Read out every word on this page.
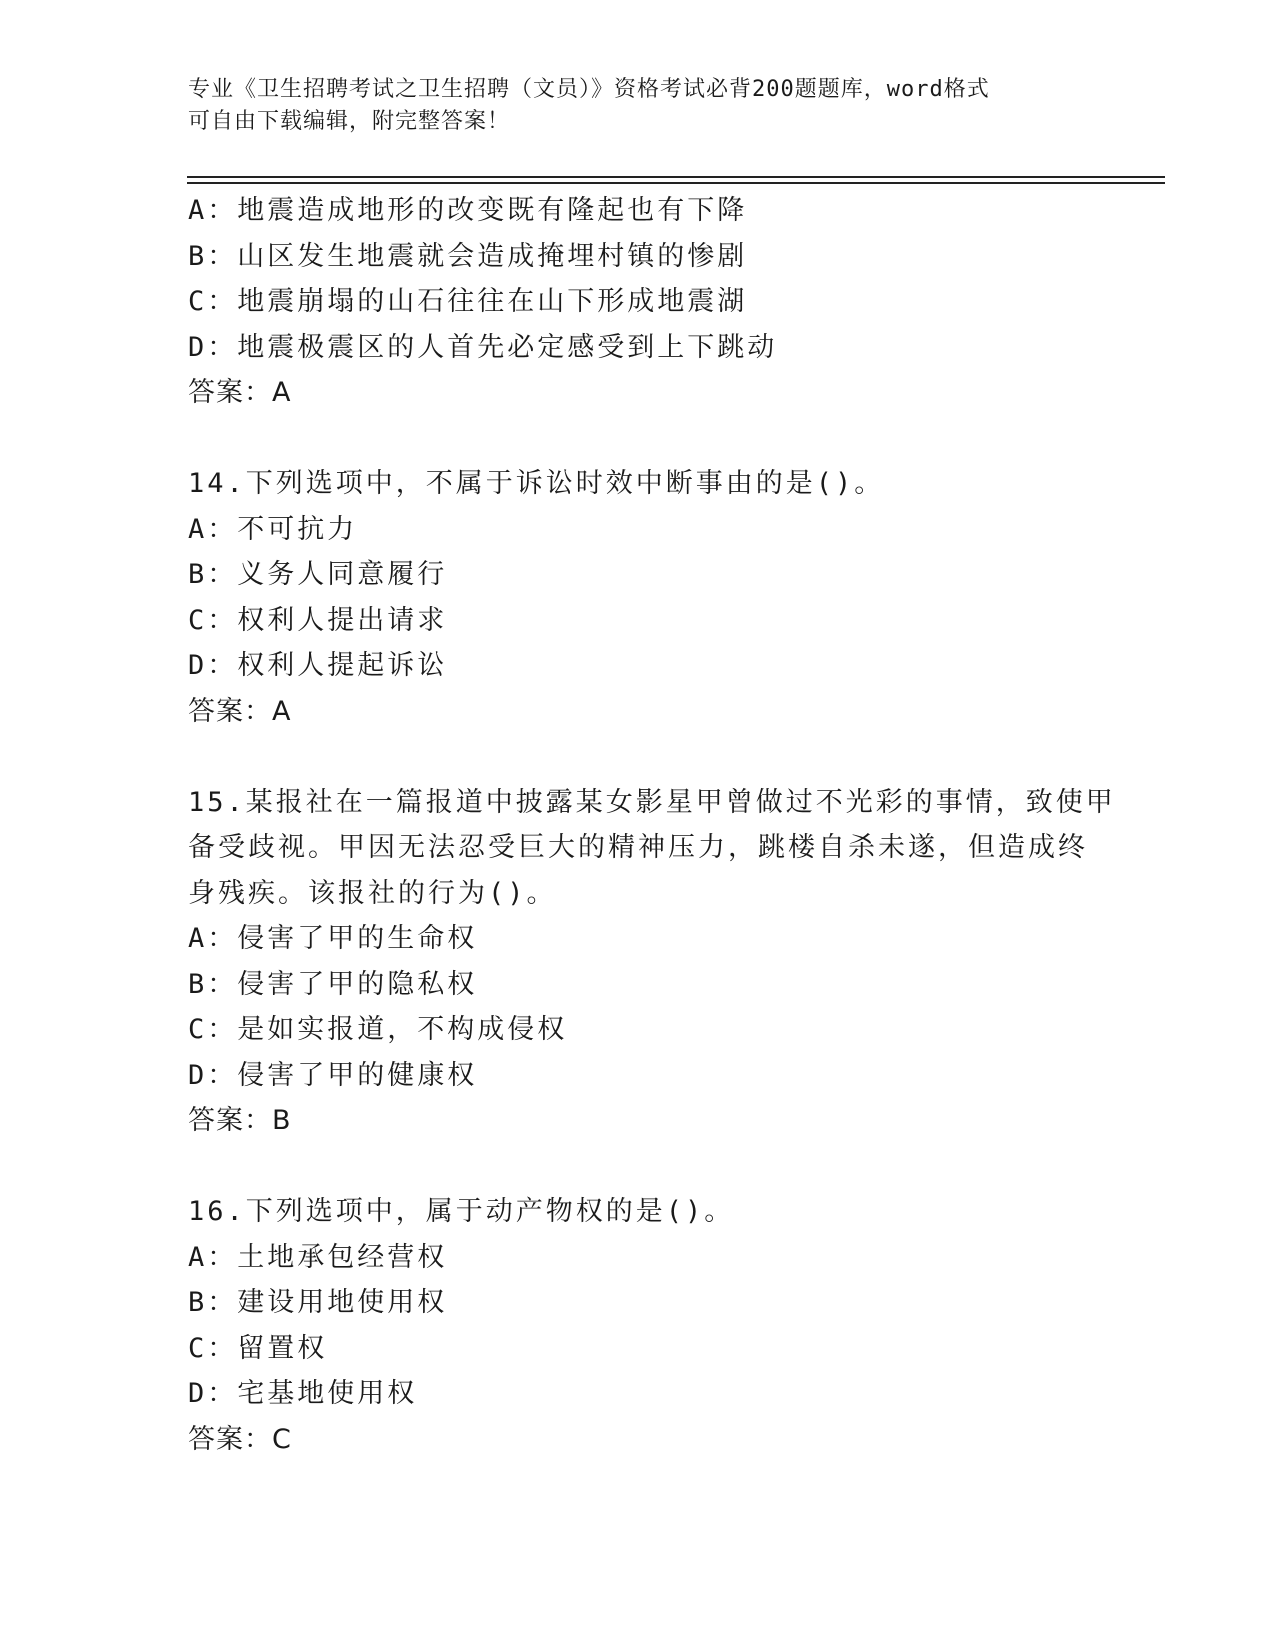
专业《卫生招聘考试之卫生招聘（文员）》资格考试必背200题题库，word格式
可自由下载编辑，附完整答案！
A：地震造成地形的改变既有隆起也有下降
B：山区发生地震就会造成掩埋村镇的惨剧
C：地震崩塌的山石往往在山下形成地震湖
D：地震极震区的人首先必定感受到上下跳动
答案：A
14.下列选项中，不属于诉讼时效中断事由的是()。
A：不可抗力
B：义务人同意履行
C：权利人提出请求
D：权利人提起诉讼
答案：A
15.某报社在一篇报道中披露某女影星甲曾做过不光彩的事情，致使甲
备受歧视。甲因无法忍受巨大的精神压力，跳楼自杀未遂，但造成终
身残疾。该报社的行为()。
A：侵害了甲的生命权
B：侵害了甲的隐私权
C：是如实报道，不构成侵权
D：侵害了甲的健康权
答案：B
16.下列选项中，属于动产物权的是()。
A：土地承包经营权
B：建设用地使用权
C：留置权
D：宅基地使用权
答案：C
